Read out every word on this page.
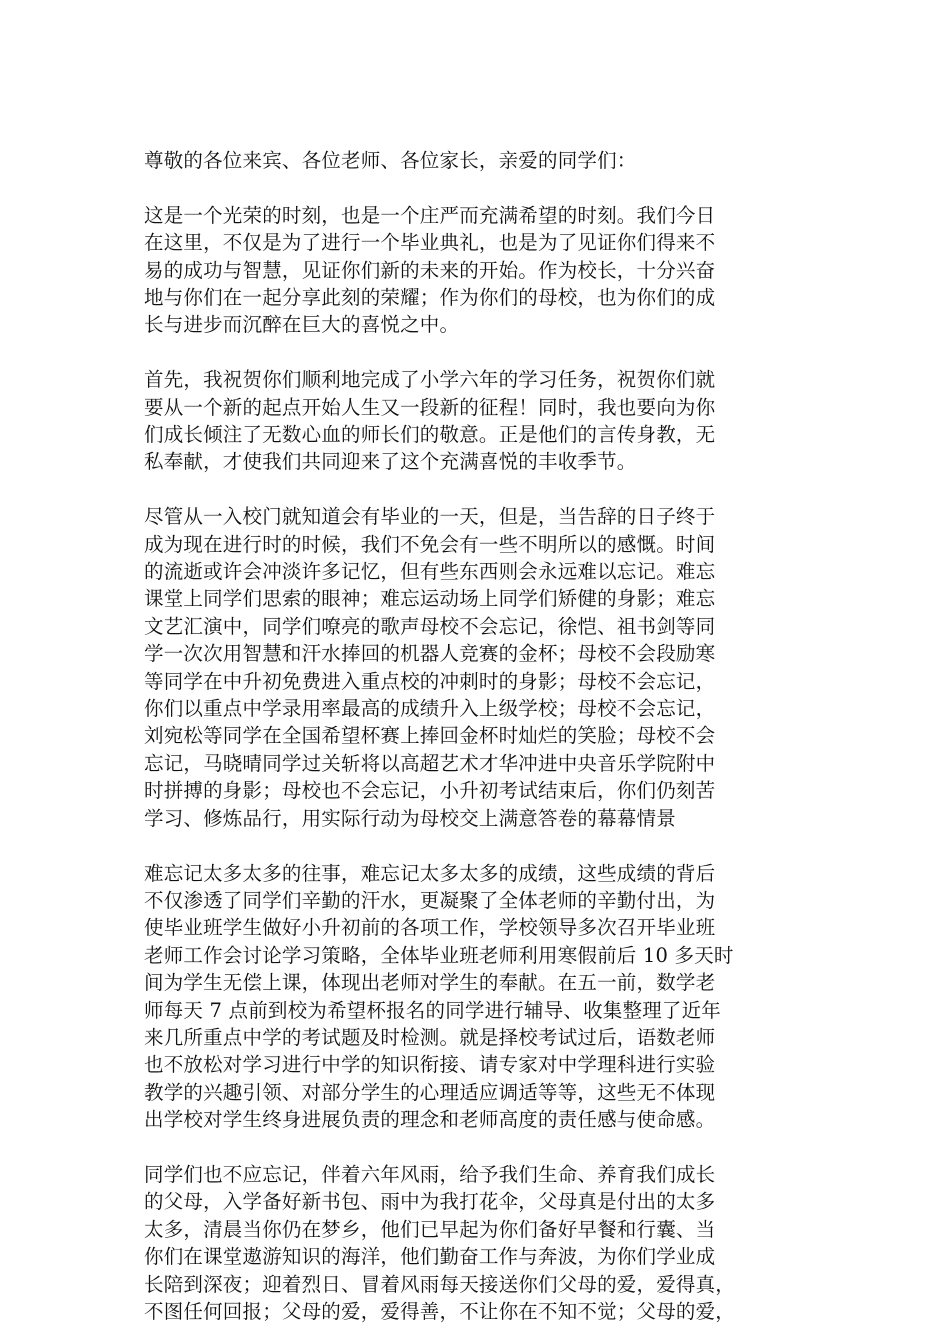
尊敬的各位来宾、各位老师、各位家长，亲爱的同学们：

这是一个光荣的时刻，也是一个庄严而充满希望的时刻。我们今日
在这里，不仅是为了进行一个毕业典礼，也是为了见证你们得来不
易的成功与智慧，见证你们新的未来的开始。作为校长，十分兴奋
地与你们在一起分享此刻的荣耀；作为你们的母校，也为你们的成
长与进步而沉醉在巨大的喜悦之中。

首先，我祝贺你们顺利地完成了小学六年的学习任务，祝贺你们就
要从一个新的起点开始人生又一段新的征程！同时，我也要向为你
们成长倾注了无数心血的师长们的敬意。正是他们的言传身教，无
私奉献，才使我们共同迎来了这个充满喜悦的丰收季节。

尽管从一入校门就知道会有毕业的一天，但是，当告辞的日子终于
成为现在进行时的时候，我们不免会有一些不明所以的感慨。时间
的流逝或许会冲淡许多记忆，但有些东西则会永远难以忘记。难忘
课堂上同学们思索的眼神；难忘运动场上同学们矫健的身影；难忘
文艺汇演中，同学们嘹亮的歌声母校不会忘记，徐恺、祖书剑等同
学一次次用智慧和汗水捧回的机器人竞赛的金杯；母校不会段励寒
等同学在中升初免费进入重点校的冲刺时的身影；母校不会忘记，
你们以重点中学录用率最高的成绩升入上级学校；母校不会忘记，
刘宛松等同学在全国希望杯赛上捧回金杯时灿烂的笑脸；母校不会
忘记，马晓晴同学过关斩将以高超艺术才华冲进中央音乐学院附中
时拼搏的身影；母校也不会忘记，小升初考试结束后，你们仍刻苦
学习、修炼品行，用实际行动为母校交上满意答卷的幕幕情景

难忘记太多太多的往事，难忘记太多太多的成绩，这些成绩的背后
不仅渗透了同学们辛勤的汗水，更凝聚了全体老师的辛勤付出，为
使毕业班学生做好小升初前的各项工作，学校领导多次召开毕业班
老师工作会讨论学习策略，全体毕业班老师利用寒假前后 10 多天时
间为学生无偿上课，体现出老师对学生的奉献。在五一前，数学老
师每天 7 点前到校为希望杯报名的同学进行辅导、收集整理了近年
来几所重点中学的考试题及时检测。就是择校考试过后，语数老师
也不放松对学习进行中学的知识衔接、请专家对中学理科进行实验
教学的兴趣引领、对部分学生的心理适应调适等等，这些无不体现
出学校对学生终身进展负责的理念和老师高度的责任感与使命感。

同学们也不应忘记，伴着六年风雨，给予我们生命、养育我们成长
的父母，入学备好新书包、雨中为我打花伞，父母真是付出的太多
太多，清晨当你仍在梦乡，他们已早起为你们备好早餐和行囊、当
你们在课堂遨游知识的海洋，他们勤奋工作与奔波，为你们学业成
长陪到深夜；迎着烈日、冒着风雨每天接送你们父母的爱，爱得真，
不图任何回报；父母的爱，爱得善，不让你在不知不觉；父母的爱，
